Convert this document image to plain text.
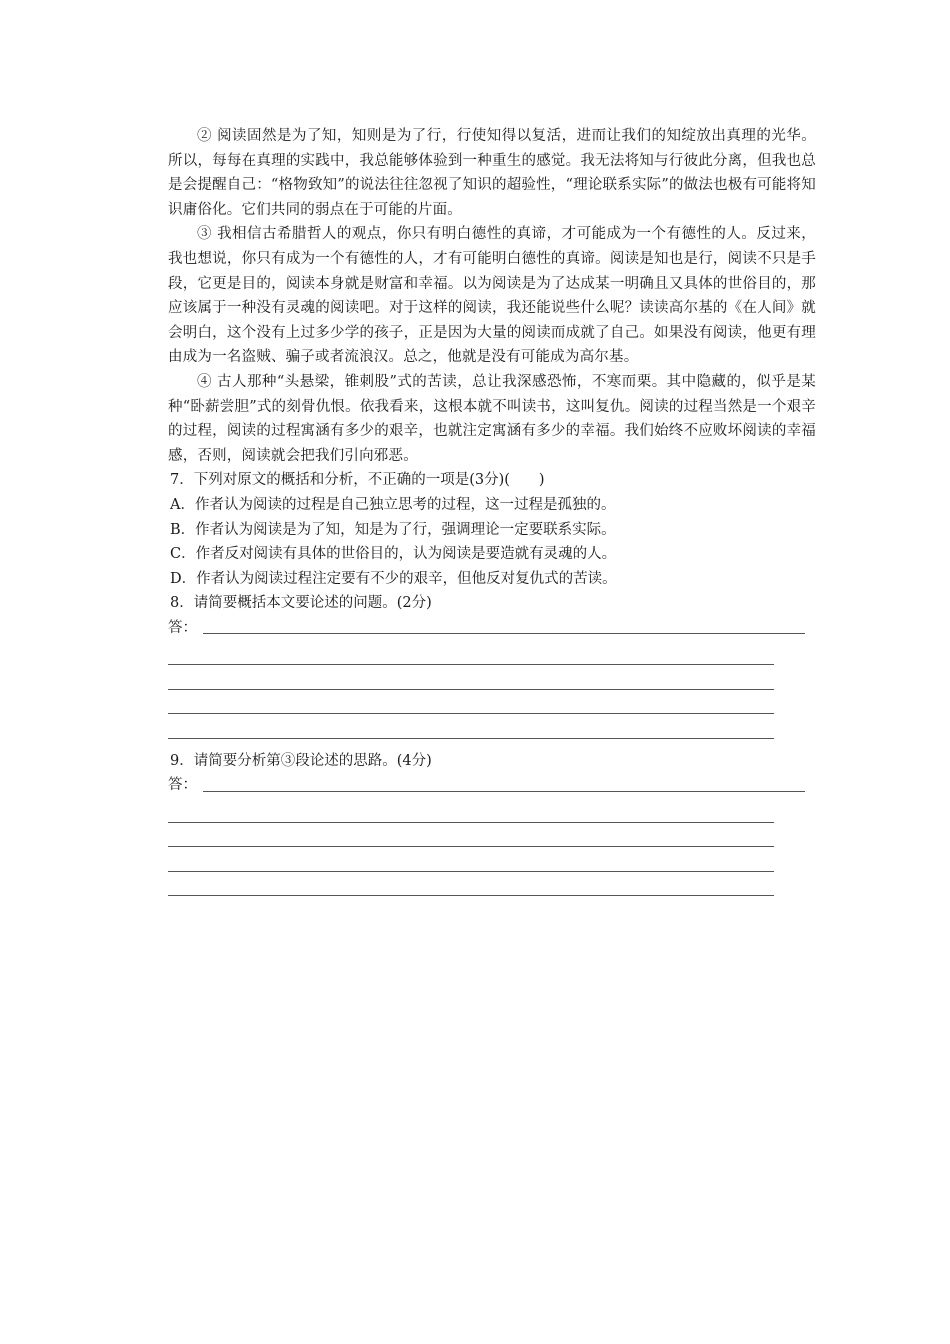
② 阅读固然是为了知，知则是为了行，行使知得以复活，进而让我们的知绽放出真理的光华。所以，每每在真理的实践中，我总能够体验到一种重生的感觉。我无法将知与行彼此分离，但我也总是会提醒自己：“格物致知”的说法往往忽视了知识的超验性，“理论联系实际”的做法也极有可能将知识庸俗化。它们共同的弱点在于可能的片面。

③ 我相信古希腊哲人的观点，你只有明白德性的真谛，才可能成为一个有德性的人。反过来，我也想说，你只有成为一个有德性的人，才有可能明白德性的真谛。阅读是知也是行，阅读不只是手段，它更是目的，阅读本身就是财富和幸福。以为阅读是为了达成某一明确且又具体的世俗目的，那应该属于一种没有灵魂的阅读吧。对于这样的阅读，我还能说些什么呢？读读高尔基的《在人间》就会明白，这个没有上过多少学的孩子，正是因为大量的阅读而成就了自己。如果没有阅读，他更有理由成为一名盗贼、骗子或者流浪汉。总之，他就是没有可能成为高尔基。

④ 古人那种“头悬梁，锥刺股”式的苦读，总让我深感恐怖，不寒而栗。其中隐藏的，似乎是某种“卧薪尝胆”式的刻骨仇恨。依我看来，这根本就不叫读书，这叫复仇。阅读的过程当然是一个艰辛的过程，阅读的过程寓涵有多少的艰辛，也就注定寓涵有多少的幸福。我们始终不应败坏阅读的幸福感，否则，阅读就会把我们引向邪恶。

7．下列对原文的概括和分析，不正确的一项是(3分)(　　)

A．作者认为阅读的过程是自己独立思考的过程，这一过程是孤独的。

B．作者认为阅读是为了知，知是为了行，强调理论一定要联系实际。

C．作者反对阅读有具体的世俗目的，认为阅读是要造就有灵魂的人。

D．作者认为阅读过程注定要有不少的艰辛，但他反对复仇式的苦读。

8．请简要概括本文要论述的问题。(2分)

答：

9．请简要分析第③段论述的思路。(4分)

答：
